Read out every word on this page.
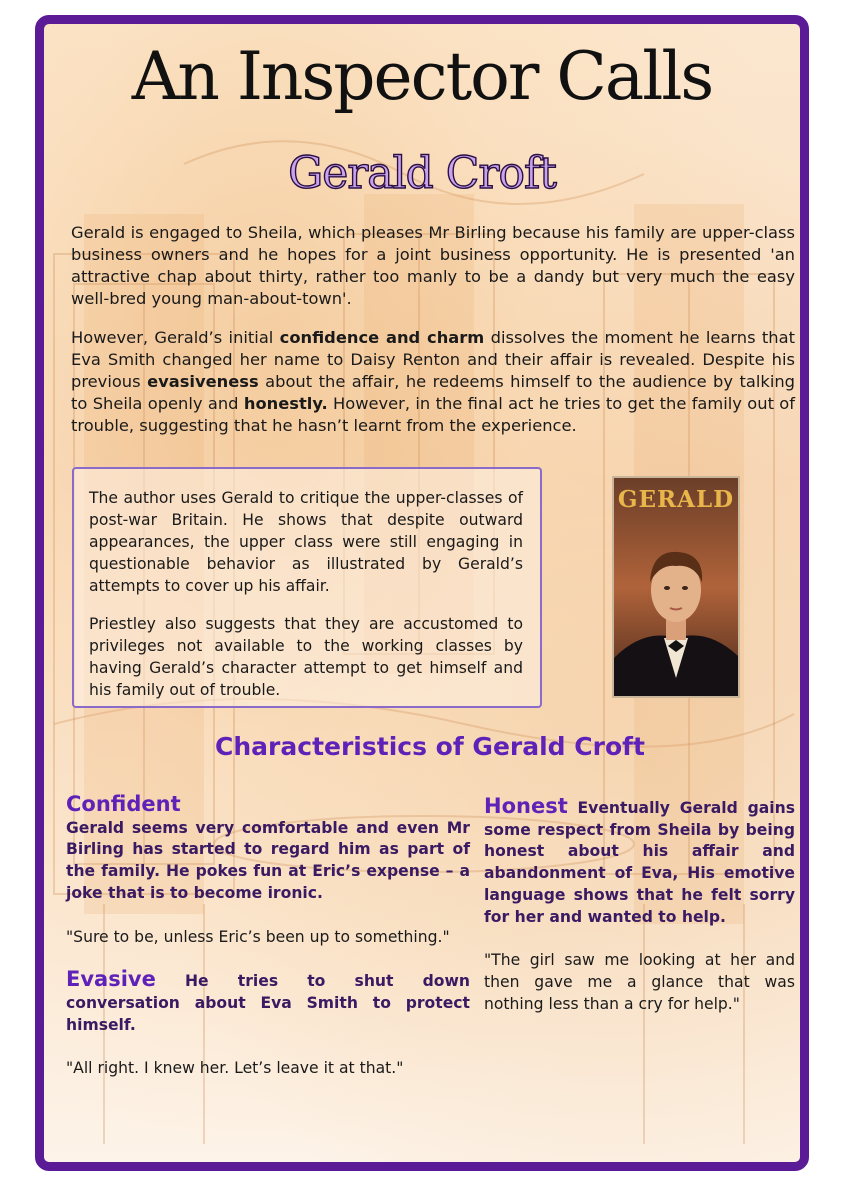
An Inspector Calls
Gerald Croft

Gerald is engaged to Sheila, which pleases Mr Birling because his family are upper-class business owners and he hopes for a joint business opportunity. He is presented 'an attractive chap about thirty, rather too manly to be a dandy but very much the easy well-bred young man-about-town'.

However, Gerald’s initial confidence and charm dissolves the moment he learns that Eva Smith changed her name to Daisy Renton and their affair is revealed. Despite his previous evasiveness about the affair, he redeems himself to the audience by talking to Sheila openly and honestly. However, in the final act he tries to get the family out of trouble, suggesting that he hasn’t learnt from the experience.

The author uses Gerald to critique the upper-classes of post-war Britain. He shows that despite outward appearances, the upper class were still engaging in questionable behavior as illustrated by Gerald’s attempts to cover up his affair.

Priestley also suggests that they are accustomed to privileges not available to the working classes by having Gerald’s character attempt to get himself and his family out of trouble.

GERALD
Characteristics of Gerald Croft

Confident
Gerald seems very comfortable and even Mr Birling has started to regard him as part of the family. He pokes fun at Eric’s expense – a joke that is to become ironic.

"Sure to be, unless Eric’s been up to something."

Evasive He tries to shut down conversation about Eva Smith to protect himself.

"All right. I knew her. Let’s leave it at that."

Honest Eventually Gerald gains some respect from Sheila by being honest about his affair and abandonment of Eva, His emotive language shows that he felt sorry for her and wanted to help.

"The girl saw me looking at her and then gave me a glance that was nothing less than a cry for help."
